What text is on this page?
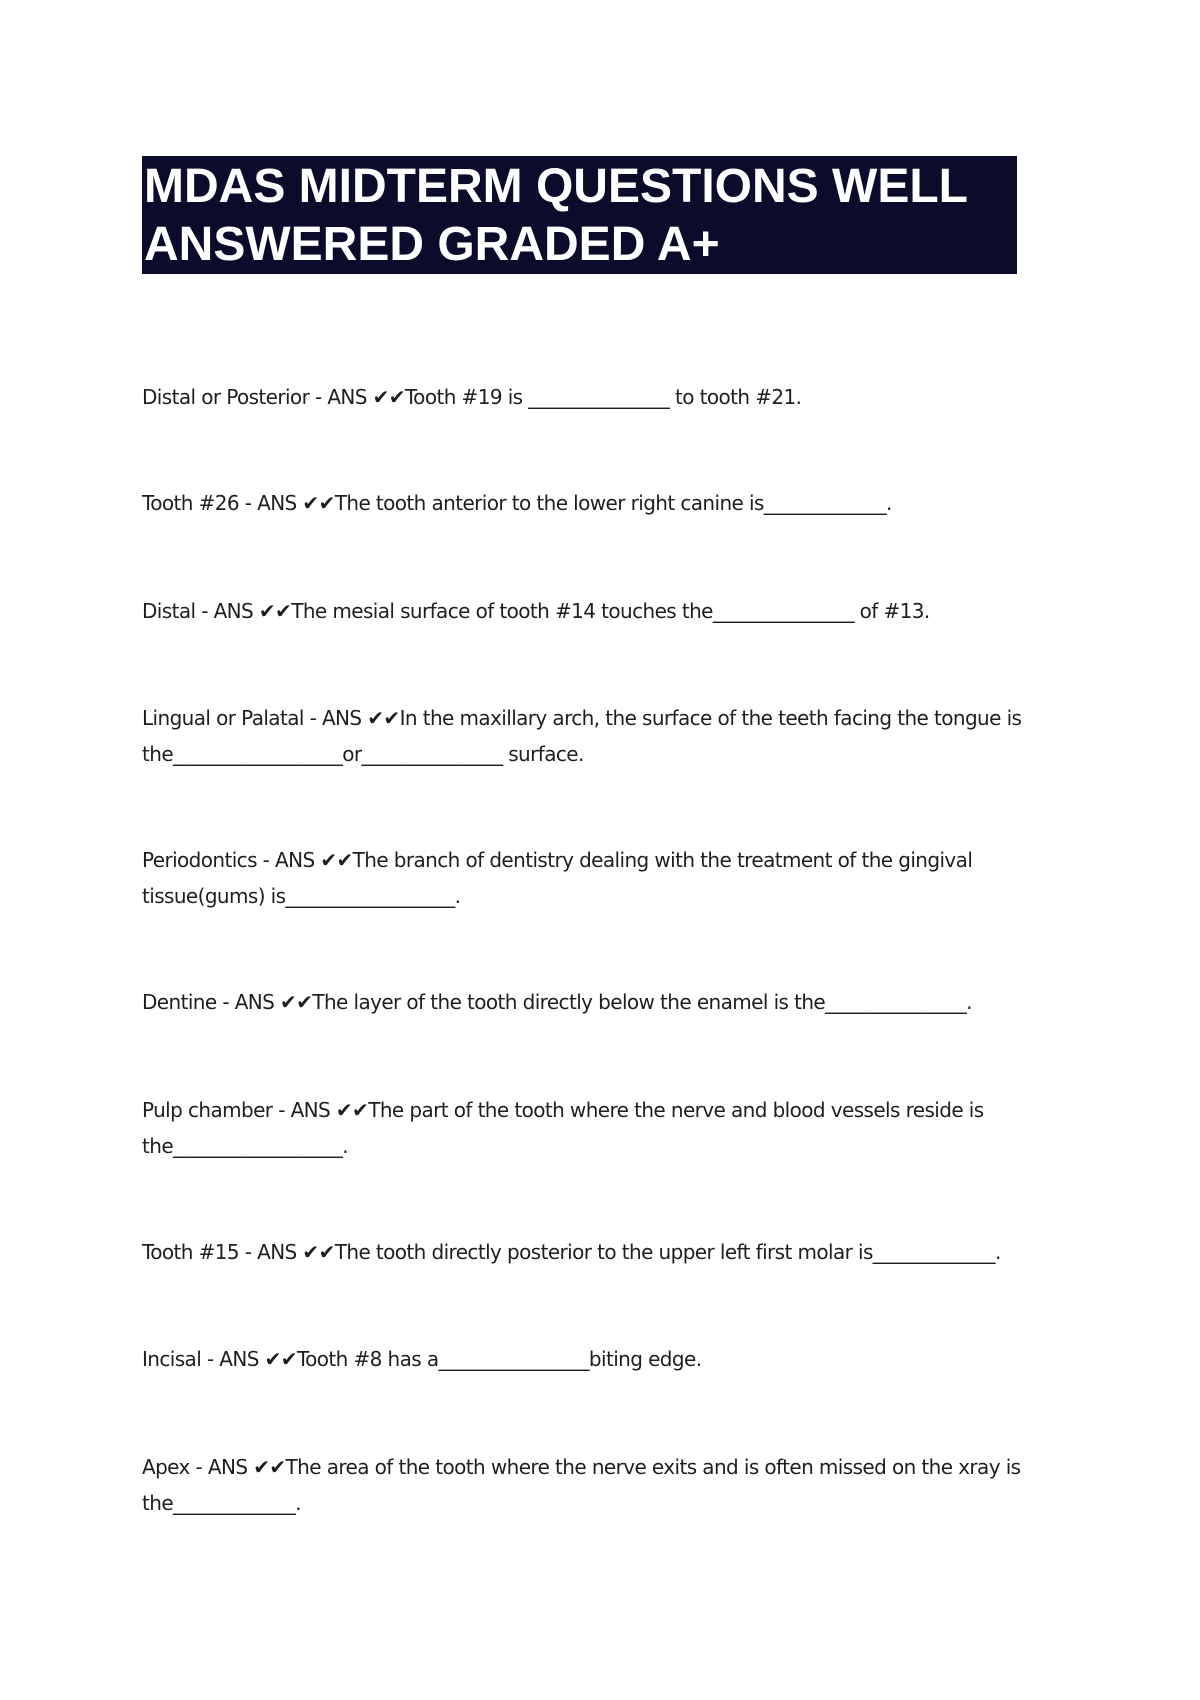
MDAS MIDTERM QUESTIONS WELL
ANSWERED GRADED A+
Distal or Posterior - ANS ✔✔Tooth #19 is _______________ to tooth #21.
Tooth #26 - ANS ✔✔The tooth anterior to the lower right canine is_____________.
Distal - ANS ✔✔The mesial surface of tooth #14 touches the_______________ of #13.
Lingual or Palatal - ANS ✔✔In the maxillary arch, the surface of the teeth facing the tongue is the__________________or_______________ surface.
Periodontics - ANS ✔✔The branch of dentistry dealing with the treatment of the gingival tissue(gums) is__________________.
Dentine - ANS ✔✔The layer of the tooth directly below the enamel is the_______________.
Pulp chamber - ANS ✔✔The part of the tooth where the nerve and blood vessels reside is the__________________.
Tooth #15 - ANS ✔✔The tooth directly posterior to the upper left first molar is_____________.
Incisal - ANS ✔✔Tooth #8 has a________________biting edge.
Apex - ANS ✔✔The area of the tooth where the nerve exits and is often missed on the xray is the_____________.
